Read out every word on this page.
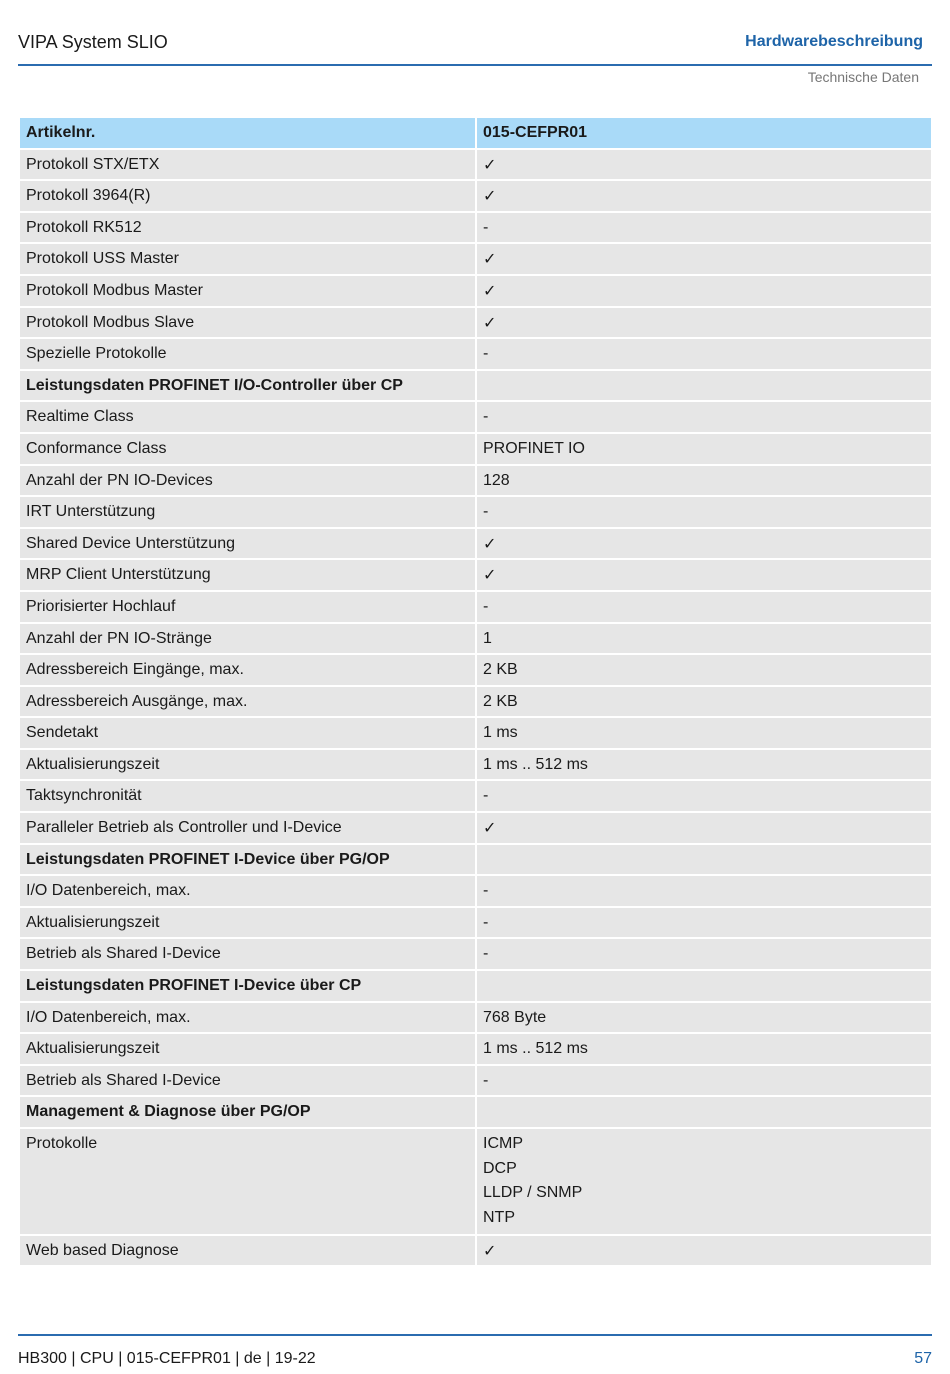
VIPA System SLIO	Hardwarebeschreibung
Technische Daten
Artikelnr.	015-CEFPR01
Protokoll STX/ETX	✓
Protokoll 3964(R)	✓
Protokoll RK512	-
Protokoll USS Master	✓
Protokoll Modbus Master	✓
Protokoll Modbus Slave	✓
Spezielle Protokolle	-
Leistungsdaten PROFINET I/O-Controller über CP	
Realtime Class	-
Conformance Class	PROFINET IO
Anzahl der PN IO-Devices	128
IRT Unterstützung	-
Shared Device Unterstützung	✓
MRP Client Unterstützung	✓
Priorisierter Hochlauf	-
Anzahl der PN IO-Stränge	1
Adressbereich Eingänge, max.	2 KB
Adressbereich Ausgänge, max.	2 KB
Sendetakt	1 ms
Aktualisierungszeit	1 ms .. 512 ms
Taktsynchronität	-
Paralleler Betrieb als Controller und I-Device	✓
Leistungsdaten PROFINET I-Device über PG/OP	
I/O Datenbereich, max.	-
Aktualisierungszeit	-
Betrieb als Shared I-Device	-
Leistungsdaten PROFINET I-Device über CP	
I/O Datenbereich, max.	768 Byte
Aktualisierungszeit	1 ms .. 512 ms
Betrieb als Shared I-Device	-
Management & Diagnose über PG/OP	
Protokolle	ICMP
DCP
LLDP / SNMP
NTP

Web based Diagnose	✓
HB300 | CPU | 015-CEFPR01 | de | 19-22	57
